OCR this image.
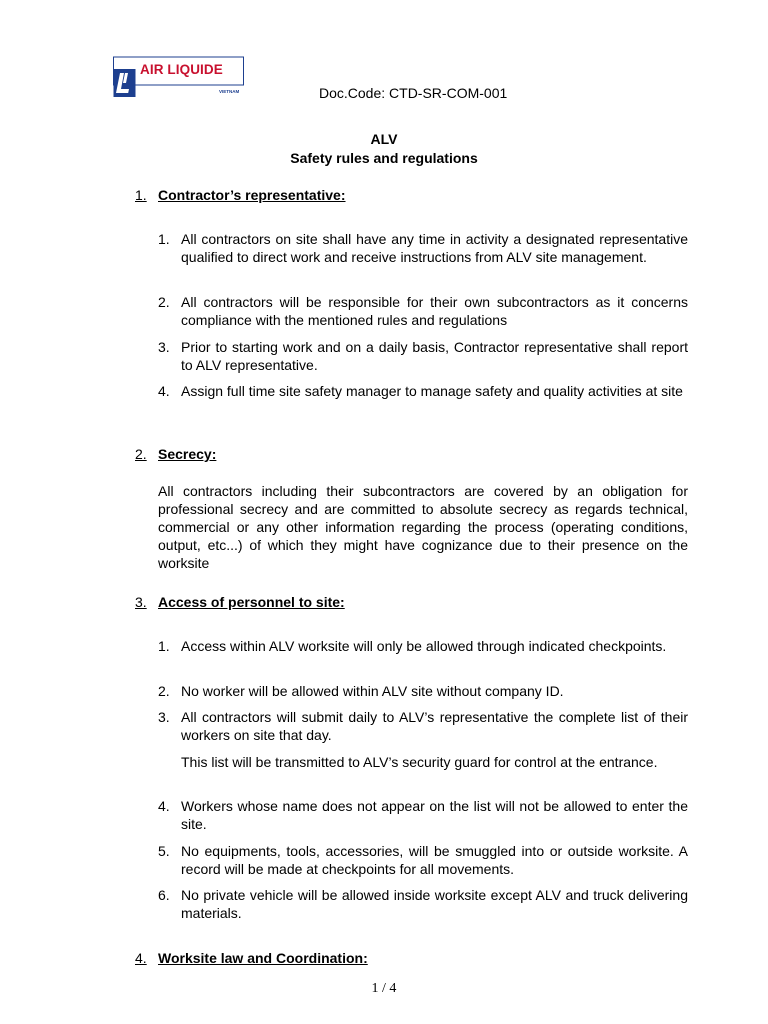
AIR LIQUIDE
VIETNAM	Doc.Code: CTD-SR-COM-001
ALV
Safety rules and regulations
1. Contractor’s representative:
1. All contractors on site shall have any time in activity a designated representative qualified to direct work and receive instructions from ALV site management.
2. All contractors will be responsible for their own subcontractors as it concerns compliance with the mentioned rules and regulations
3. Prior to starting work and on a daily basis, Contractor representative shall report to ALV representative.
4. Assign full time site safety manager to manage safety and quality activities at site
2. Secrecy:
All contractors including their subcontractors are covered by an obligation for professional secrecy and are committed to absolute secrecy as regards technical, commercial or any other information regarding the process (operating conditions, output, etc...) of which they might have cognizance due to their presence on the worksite
3. Access of personnel to site:
1. Access within ALV worksite will only be allowed through indicated checkpoints.
2. No worker will be allowed within ALV site without company ID.
3. All contractors will submit daily to ALV’s representative the complete list of their workers on site that day.
This list will be transmitted to ALV’s security guard for control at the entrance.
4. Workers whose name does not appear on the list will not be allowed to enter the site.
5. No equipments, tools, accessories, will be smuggled into or outside worksite. A record will be made at checkpoints for all movements.
6. No private vehicle will be allowed inside worksite except ALV and truck delivering materials.
4. Worksite law and Coordination:
1 / 4
